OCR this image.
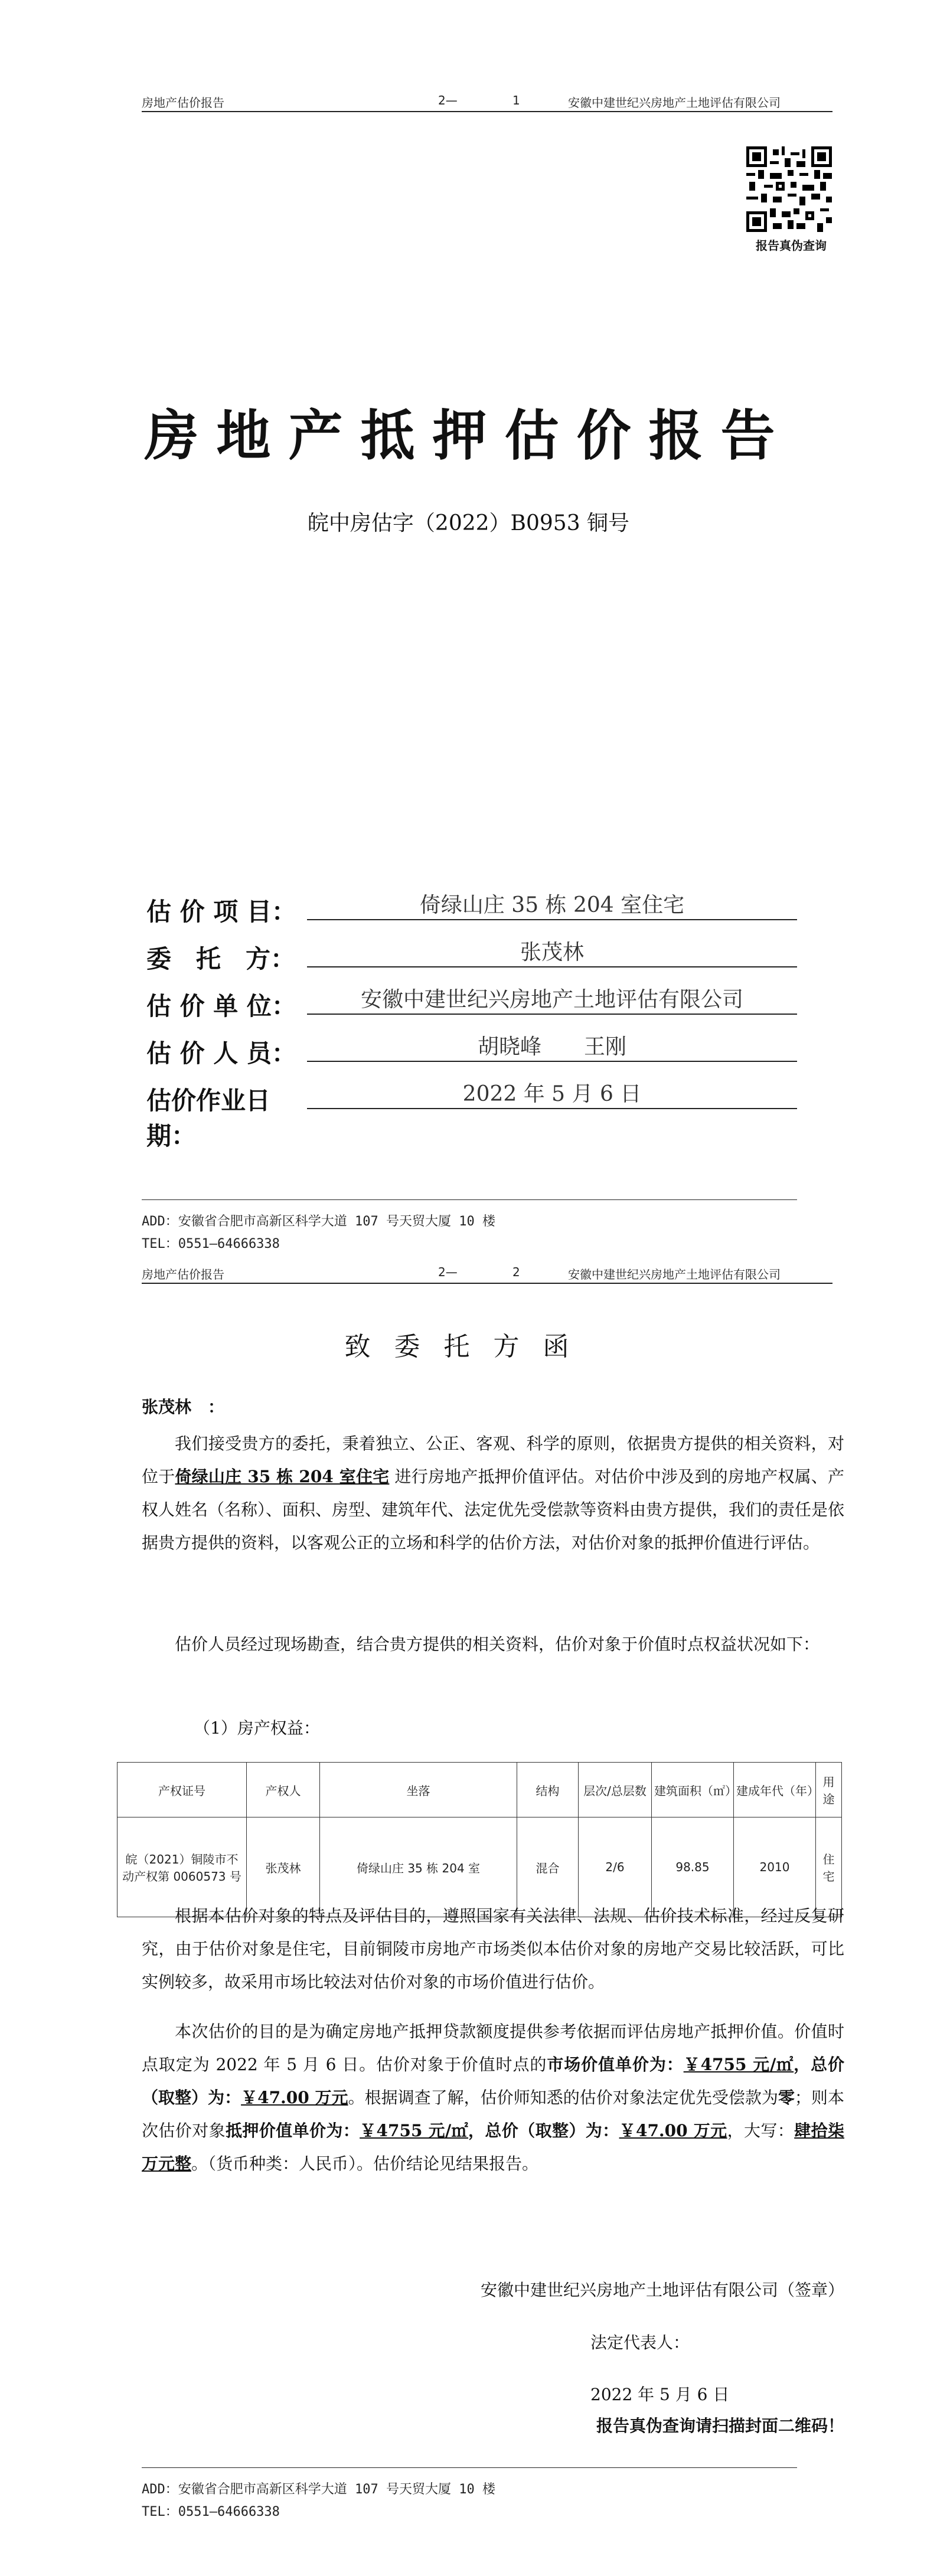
房地产估价报告	2—	1	安徽中建世纪兴房地产土地评估有限公司
报告真伪查询
房地产抵押估价报告
皖中房估字（2022）B0953 铜号
估 价 项 目：	倚绿山庄 35 栋 204 室住宅
委　托　方：	张茂林
估 价 单 位：	安徽中建世纪兴房地产土地评估有限公司
估 价 人 员：	胡晓峰　　王刚
估价作业日期：
2022 年 5 月 6 日
ADD：安徽省合肥市高新区科学大道 107 号天贸大厦 10 楼
TEL：0551—64666338
房地产估价报告	2—	2	安徽中建世纪兴房地产土地评估有限公司
致委托方函
张茂林　：
我们接受贵方的委托，秉着独立、公正、客观、科学的原则，依据贵方提供的相关资料，对位于倚绿山庄 35 栋 204 室住宅 进行房地产抵押价值评估。对估价中涉及到的房地产权属、产权人姓名（名称）、面积、房型、建筑年代、法定优先受偿款等资料由贵方提供，我们的责任是依据贵方提供的资料，以客观公正的立场和科学的估价方法，对估价对象的抵押价值进行评估。
估价人员经过现场勘查，结合贵方提供的相关资料，估价对象于价值时点权益状况如下：
（1）房产权益：
产权证号	产权人	坐落	结构	层次/总层数	建筑面积（㎡）	建成年代（年）	用途
皖（2021）铜陵市不动产权第 0060573 号	张茂林	倚绿山庄 35 栋 204 室	混合	2/6	98.85	2010	住宅
根据本估价对象的特点及评估目的，遵照国家有关法律、法规、估价技术标准，经过反复研究，由于估价对象是住宅，目前铜陵市房地产市场类似本估价对象的房地产交易比较活跃，可比实例较多，故采用市场比较法对估价对象的市场价值进行估价。
本次估价的目的是为确定房地产抵押贷款额度提供参考依据而评估房地产抵押价值。价值时点取定为 2022 年 5 月 6 日。估价对象于价值时点的市场价值单价为：￥4755 元/㎡，总价（取整）为：￥47.00 万元。根据调查了解，估价师知悉的估价对象法定优先受偿款为零；则本次估价对象抵押价值单价为：￥4755 元/㎡，总价（取整）为：￥47.00 万元，大写：肆拾柒万元整。（货币种类：人民币）。估价结论见结果报告。
安徽中建世纪兴房地产土地评估有限公司（签章）
法定代表人：
2022 年 5 月 6 日
报告真伪查询请扫描封面二维码！
ADD：安徽省合肥市高新区科学大道 107 号天贸大厦 10 楼
TEL：0551—64666338
